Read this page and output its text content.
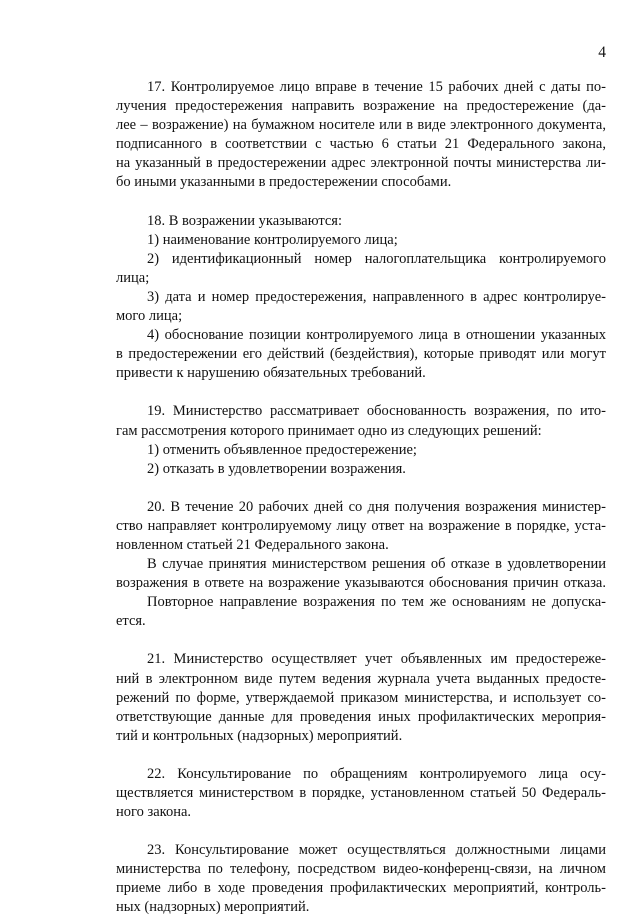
4
17. Контролируемое лицо вправе в течение 15 рабочих дней с даты по-
лучения предостережения направить возражение на предостережение (да-
лее – возражение) на бумажном носителе или в виде электронного документа,
подписанного в соответствии с частью 6 статьи 21 Федерального закона,
на указанный в предостережении адрес электронной почты министерства ли-
бо иными указанными в предостережении способами.
18. В возражении указываются:
1) наименование контролируемого лица;
2) идентификационный номер налогоплательщика контролируемого
лица;
3) дата и номер предостережения, направленного в адрес контролируе-
мого лица;
4) обоснование позиции контролируемого лица в отношении указанных
в предостережении его действий (бездействия), которые приводят или могут
привести к нарушению обязательных требований.
19. Министерство рассматривает обоснованность возражения, по ито-
гам рассмотрения которого принимает одно из следующих решений:
1) отменить объявленное предостережение;
2) отказать в удовлетворении возражения.
20. В течение 20 рабочих дней со дня получения возражения министер-
ство направляет контролируемому лицу ответ на возражение в порядке, уста-
новленном статьей 21 Федерального закона.
В случае принятия министерством решения об отказе в удовлетворении
возражения в ответе на возражение указываются обоснования причин отказа.
Повторное направление возражения по тем же основаниям не допуска-
ется.
21. Министерство осуществляет учет объявленных им предостереже-
ний в электронном виде путем ведения журнала учета выданных предосте-
режений по форме, утверждаемой приказом министерства, и использует со-
ответствующие данные для проведения иных профилактических мероприя-
тий и контрольных (надзорных) мероприятий.
22. Консультирование по обращениям контролируемого лица осу-
ществляется министерством в порядке, установленном статьей 50 Федераль-
ного закона.
23. Консультирование может осуществляться должностными лицами
министерства по телефону, посредством видео-конференц-связи, на личном
приеме либо в ходе проведения профилактических мероприятий, контроль-
ных (надзорных) мероприятий.
